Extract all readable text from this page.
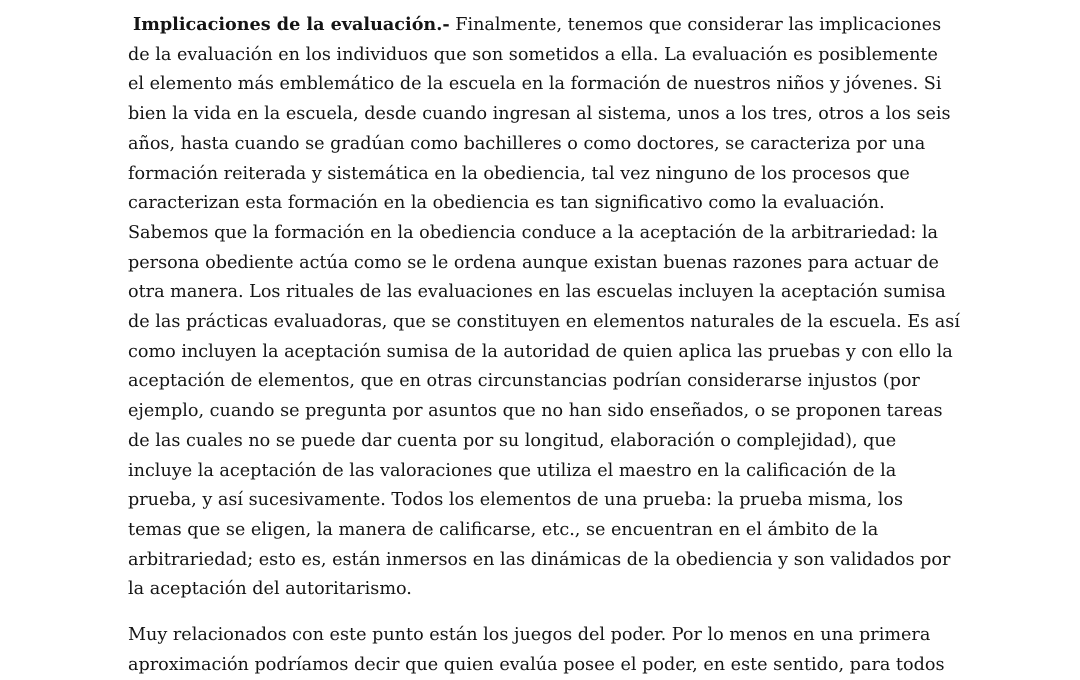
Implicaciones de la evaluación.- Finalmente, tenemos que considerar las implicaciones
de la evaluación en los individuos que son sometidos a ella. La evaluación es posiblemente
el elemento más emblemático de la escuela en la formación de nuestros niños y jóvenes. Si
bien la vida en la escuela, desde cuando ingresan al sistema, unos a los tres, otros a los seis
años, hasta cuando se gradúan como bachilleres o como doctores, se caracteriza por una
formación reiterada y sistemática en la obediencia, tal vez ninguno de los procesos que
caracterizan esta formación en la obediencia es tan significativo como la evaluación.
Sabemos que la formación en la obediencia conduce a la aceptación de la arbitrariedad: la
persona obediente actúa como se le ordena aunque existan buenas razones para actuar de
otra manera. Los rituales de las evaluaciones en las escuelas incluyen la aceptación sumisa
de las prácticas evaluadoras, que se constituyen en elementos naturales de la escuela. Es así
como incluyen la aceptación sumisa de la autoridad de quien aplica las pruebas y con ello la
aceptación de elementos, que en otras circunstancias podrían considerarse injustos (por
ejemplo, cuando se pregunta por asuntos que no han sido enseñados, o se proponen tareas
de las cuales no se puede dar cuenta por su longitud, elaboración o complejidad), que
incluye la aceptación de las valoraciones que utiliza el maestro en la calificación de la
prueba, y así sucesivamente. Todos los elementos de una prueba: la prueba misma, los
temas que se eligen, la manera de calificarse, etc., se encuentran en el ámbito de la
arbitrariedad; esto es, están inmersos en las dinámicas de la obediencia y son validados por
la aceptación del autoritarismo.

Muy relacionados con este punto están los juegos del poder. Por lo menos en una primera
aproximación podríamos decir que quien evalúa posee el poder, en este sentido, para todos
